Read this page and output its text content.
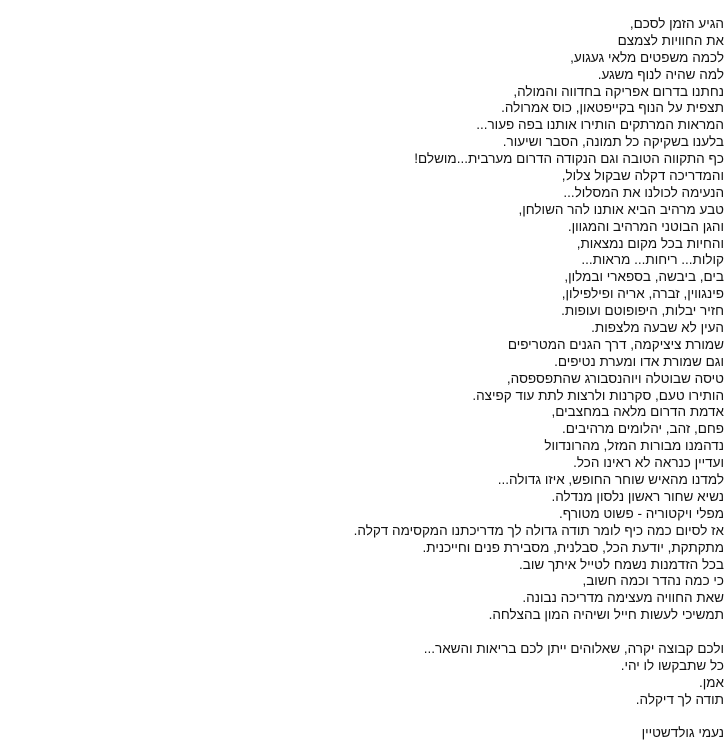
הגיע הזמן לסכם,
את החוויות לצמצם
לכמה משפטים מלאי געגוע,
למה שהיה לנוף משגע.
נחתנו בדרום אפריקה בחדווה והמולה,
תצפית על הנוף בקייפטאון, כוס אמרולה.
המראות המרתקים הותירו אותנו בפה פעור...
בלענו בשקיקה כל תמונה, הסבר ושיעור.
כף התקווה הטובה וגם הנקודה הדרום מערבית...מושלם!
והמדריכה דקלה שבקול צלול,
הנעימה לכולנו את המסלול...
טבע מרהיב הביא אותנו להר השולחן,
והגן הבוטני המרהיב והמגוון.
והחיות בכל מקום נמצאות,
קולות... ריחות... מראות...
בים, ביבשה, בספארי ובמלון,
פינגווין, זברה, אריה ופילפילון,
חזיר יבלות, היפופוטם ועופות.
העין לא שבעה מלצפות.
שמורת ציציקמה, דרך הגנים המטריפים
וגם שמורת אדו ומערת נטיפים.
טיסה שבוטלה ויוהנסבורג שהתפספסה,
הותירו טעם, סקרנות ולרצות לתת עוד קפיצה.
אדמת הדרום מלאה במחצבים,
פחם, זהב, יהלומים מרהיבים.
נדהמנו מבורות המזל, מהרונדוול
ועדיין כנראה לא ראינו הכל.
למדנו מהאיש שוחר החופש, איזו גדולה...
נשיא שחור ראשון נלסון מנדלה.
מפלי ויקטוריה - פשוט מטורף.
אז לסיום כמה כיף לומר תודה גדולה לך מדריכתנו המקסימה דקלה.
מתקתקת, יודעת הכל, סבלנית, מסבירת פנים וחייכנית.
בכל הזדמנות נשמח לטייל איתך שוב.
כי כמה נהדר וכמה חשוב,
שאת החוויה מעצימה מדריכה נבונה.
תמשיכי לעשות חייל ושיהיה המון בהצלחה.
ולכם קבוצה יקרה, שאלוהים ייתן לכם בריאות והשאר...
כל שתבקשו לו יהי.
אמן.
תודה לך דיקלה.
נעמי גולדשטיין
